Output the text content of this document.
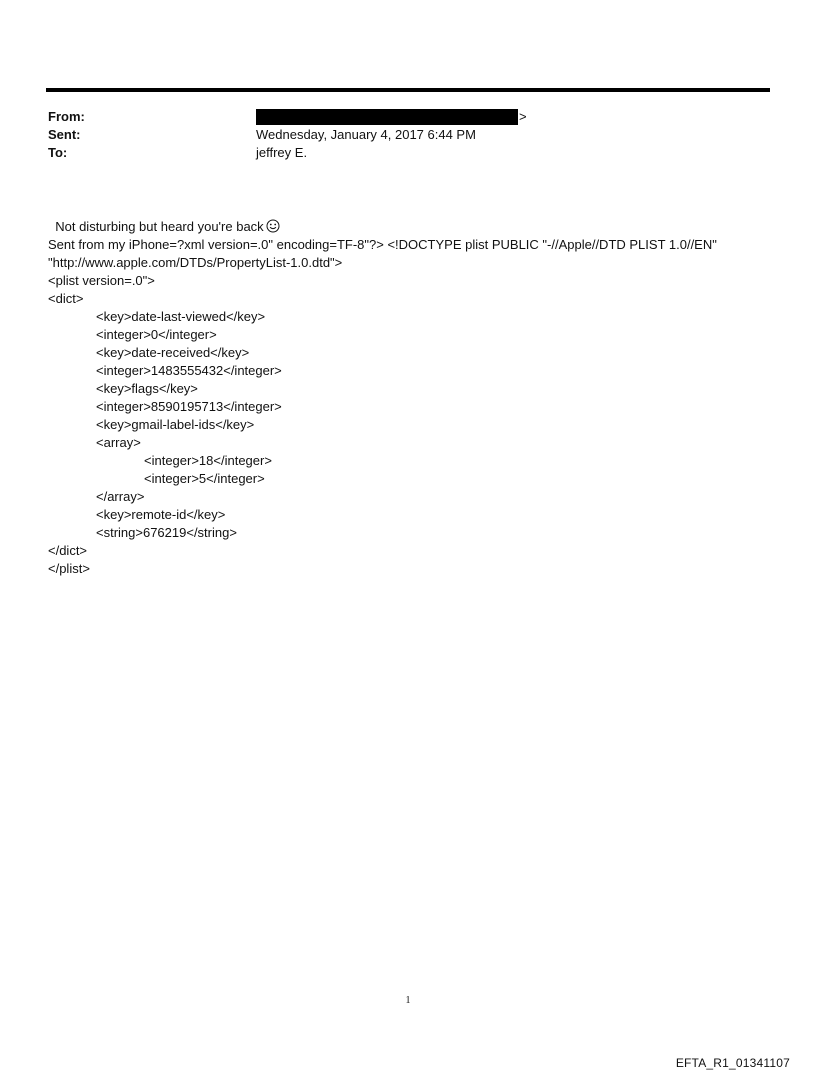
From:	>
Sent:	Wednesday, January 4, 2017 6:44 PM
To:	jeffrey E.

Not disturbing but heard you're back

Sent from my iPhone=?xml version=.0" encoding=TF-8"?> <!DOCTYPE plist PUBLIC "-//Apple//DTD PLIST 1.0//EN"
"http://www.apple.com/DTDs/PropertyList-1.0.dtd">
<plist version=.0">
<dict>
<key>date-last-viewed</key>
<integer>0</integer>
<key>date-received</key>
<integer>1483555432</integer>
<key>flags</key>
<integer>8590195713</integer>
<key>gmail-label-ids</key>
<array>
<integer>18</integer>
<integer>5</integer>
</array>
<key>remote-id</key>
<string>676219</string>
</dict>
</plist>
1
EFTA_R1_01341107
